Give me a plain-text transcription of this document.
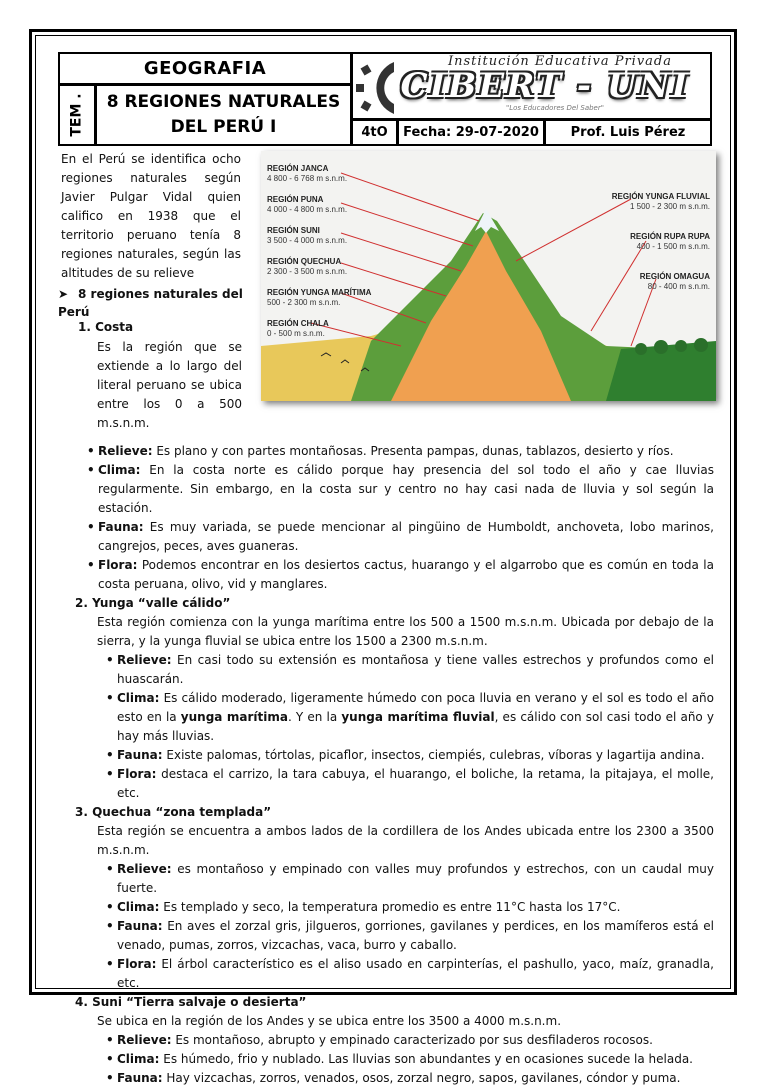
GEOGRAFIA
TEM . 8 REGIONES NATURALES
DEL PERÚ I
Institución Educativa Privada
CIBERT - UNI
"Los Educadores Del Saber"
4tO Fecha: 29-07-2020 Prof. Luis Pérez
En el Perú se identifica ocho regiones naturales según Javier Pulgar Vidal quien califico en 1938 que el territorio peruano tenía 8 regiones naturales, según las altitudes de su relieve
➤ 8 regiones naturales del Perú
1. Costa
Es la región que se extiende a lo largo del literal peruano se ubica entre los 0 a 500 m.s.n.m.
REGIÓN JANCA
4 800 - 6 768 m s.n.m.
REGIÓN PUNA
4 000 - 4 800 m s.n.m.
REGIÓN SUNI
3 500 - 4 000 m s.n.m.
REGIÓN QUECHUA
2 300 - 3 500 m s.n.m.
REGIÓN YUNGA MARÍTIMA
500 - 2 300 m s.n.m.
REGIÓN CHALA
0 - 500 m s.n.m.
REGIÓN YUNGA FLUVIAL
1 500 - 2 300 m s.n.m.
REGIÓN RUPA RUPA
400 - 1 500 m s.n.m.
REGIÓN OMAGUA
80 - 400 m s.n.m.
• Relieve: Es plano y con partes montañosas. Presenta pampas, dunas, tablazos, desierto y ríos.
• Clima: En la costa norte es cálido porque hay presencia del sol todo el año y cae lluvias regularmente. Sin embargo, en la costa sur y centro no hay casi nada de lluvia y sol según la estación.
• Fauna: Es muy variada, se puede mencionar al pingüino de Humboldt, anchoveta, lobo marinos, cangrejos, peces, aves guaneras.
• Flora: Podemos encontrar en los desiertos cactus, huarango y el algarrobo que es común en toda la costa peruana, olivo, vid y manglares.
2. Yunga “valle cálido”
Esta región comienza con la yunga marítima entre los 500 a 1500 m.s.n.m. Ubicada por debajo de la sierra, y la yunga fluvial se ubica entre los 1500 a 2300 m.s.n.m.
• Relieve: En casi todo su extensión es montañosa y tiene valles estrechos y profundos como el huascarán.
• Clima: Es cálido moderado, ligeramente húmedo con poca lluvia en verano y el sol es todo el año esto en la yunga marítima. Y en la yunga marítima fluvial, es cálido con sol casi todo el año y hay más lluvias.
• Fauna: Existe palomas, tórtolas, picaflor, insectos, ciempiés, culebras, víboras y lagartija andina.
• Flora: destaca el carrizo, la tara cabuya, el huarango, el boliche, la retama, la pitajaya, el molle, etc.
3. Quechua “zona templada”
Esta región se encuentra a ambos lados de la cordillera de los Andes ubicada entre los 2300 a 3500 m.s.n.m.
• Relieve: es montañoso y empinado con valles muy profundos y estrechos, con un caudal muy fuerte.
• Clima: Es templado y seco, la temperatura promedio es entre 11°C hasta los 17°C.
• Fauna: En aves el zorzal gris, jilgueros, gorriones, gavilanes y perdices, en los mamíferos está el venado, pumas, zorros, vizcachas, vaca, burro y caballo.
• Flora: El árbol característico es el aliso usado en carpinterías, el pashullo, yaco, maíz, granadla, etc.
4. Suni “Tierra salvaje o desierta”
Se ubica en la región de los Andes y se ubica entre los 3500 a 4000 m.s.n.m.
• Relieve: Es montañoso, abrupto y empinado caracterizado por sus desfiladeros rocosos.
• Clima: Es húmedo, frio y nublado. Las lluvias son abundantes y en ocasiones sucede la helada.
• Fauna: Hay vizcachas, zorros, venados, osos, zorzal negro, sapos, gavilanes, cóndor y puma.
